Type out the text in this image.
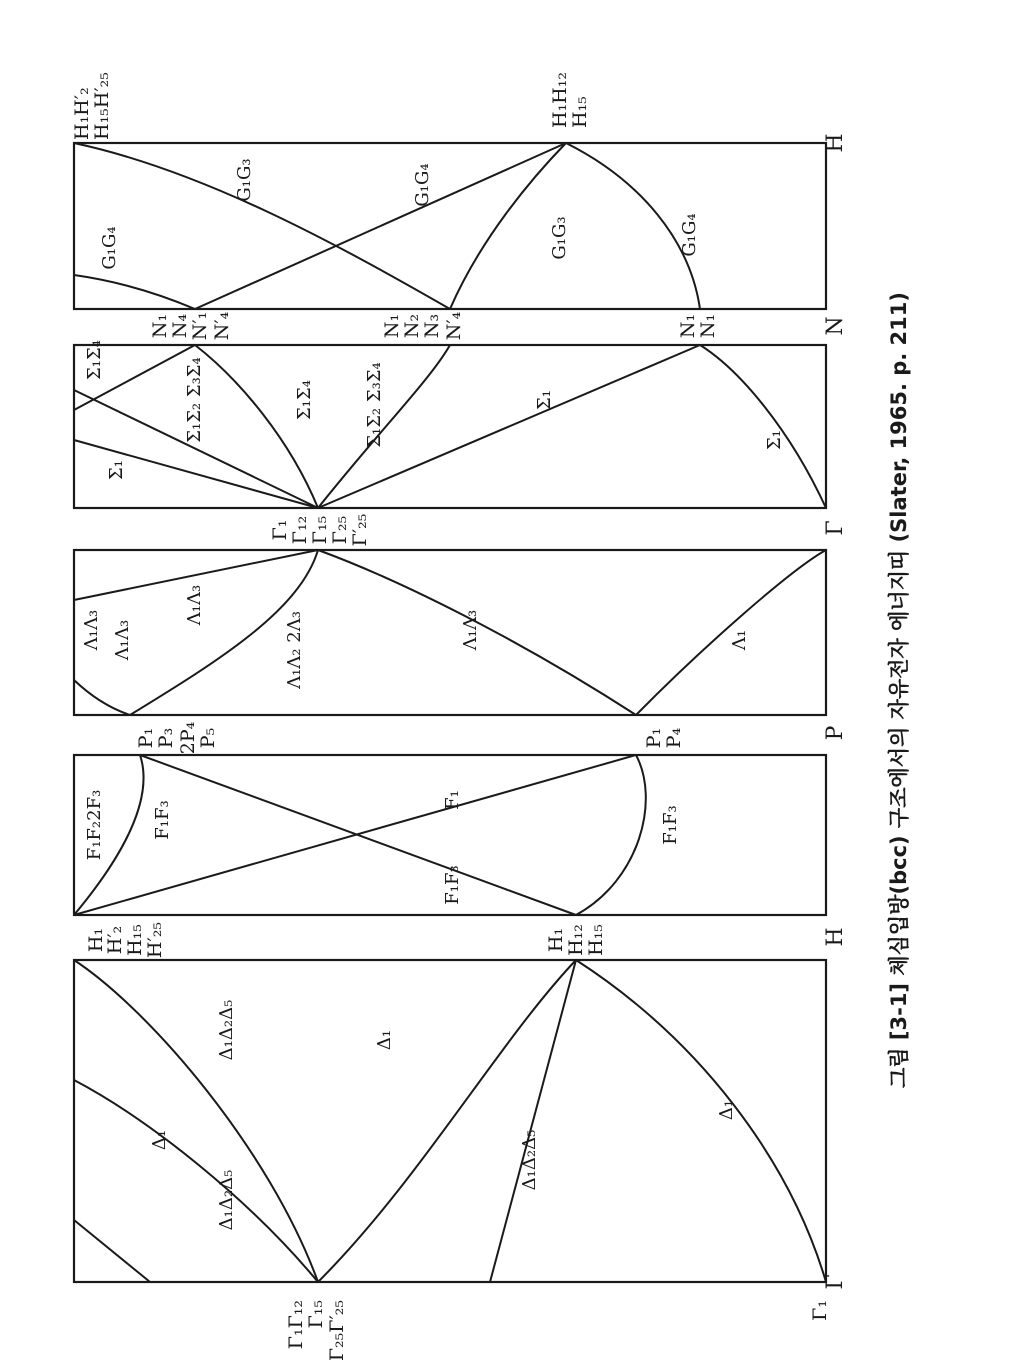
Γ
H
P
Γ
N
H
Γ₁
Γ₁Γ₁₂
Γ₁₅ Γ₂₅Γ′₂₅
H₁
H₁₂
H₁₅
H₁
H′₂
H₁₅
H′₂₅
P₁
P₃ 2P₄
P₅	P₁
P₄
Γ₁
Γ₁₂
Γ₁₅
Γ₂₅
Γ′₂₅
N₁
N₄
N′₁ N′₄	N₁
N₂
N₃ N′₄	N₁
N₁
H₁H₁₂
H₁₅
H₁H′₂
H₁₅H′₂₅
Δ₁
Δ₁Δ₂Δ₅
Δ₁
Δ₁
Δ₁Δ₂Δ₅
Δ₁Δ₂Δ₅
F₁F₃
F₁
F₁F₃
F₁F₃
F₁F₂2F₃
Λ₁
Λ₁Λ₃
Λ₁Λ₂ 2Λ₃
Λ₁Λ₃
Λ₁Λ₃ Λ₁Λ₃
Σ₁
Σ₁
Σ₁Σ₂ Σ₃Σ₄
Σ₁Σ₄
Σ₁Σ₂ Σ₃Σ₄
Σ₁
Σ₁Σ₄
G₁G₄
G₁G₃
G₁G₄
G₁G₃
G₁G₄
그림 [3-1] 체심입방(bcc) 구조에서의 자유전자 에너지띠 (Slater, 1965. p. 211)
